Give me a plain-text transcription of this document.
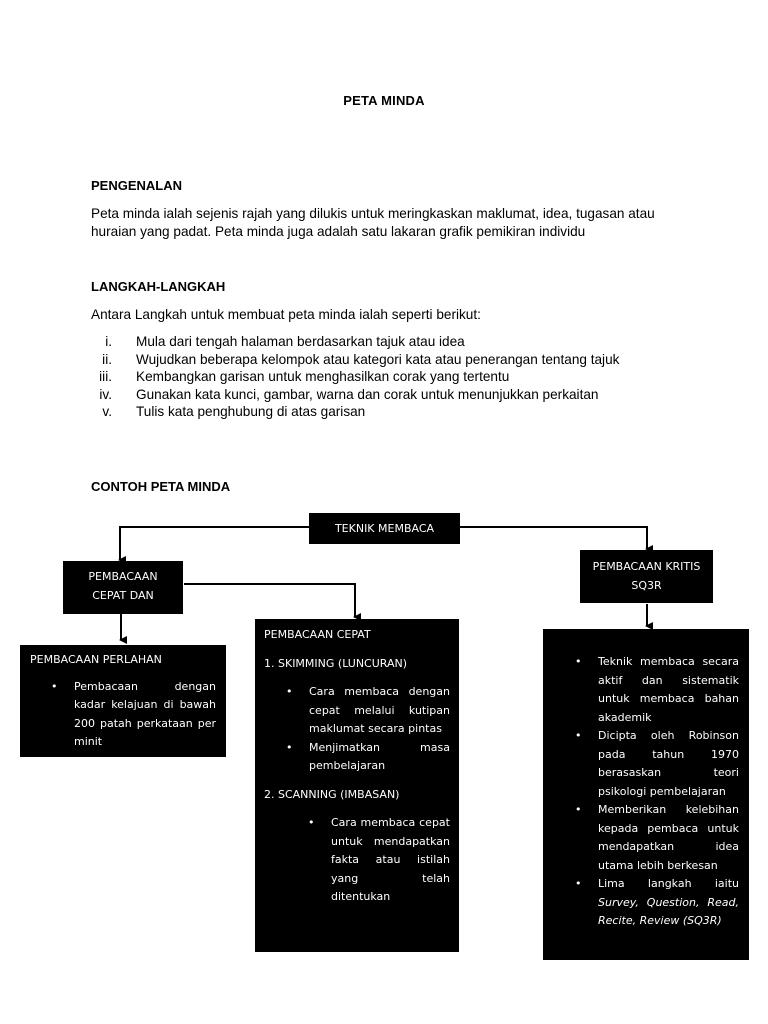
PETA MINDA
PENGENALAN
Peta minda ialah sejenis rajah yang dilukis untuk meringkaskan maklumat, idea, tugasan atau
huraian yang padat. Peta minda juga adalah satu lakaran grafik pemikiran individu
LANGKAH-LANGKAH
Antara Langkah untuk membuat peta minda ialah seperti berikut:
i. Mula dari tengah halaman berdasarkan tajuk atau idea
ii. Wujudkan beberapa kelompok atau kategori kata atau penerangan tentang tajuk
iii. Kembangkan garisan untuk menghasilkan corak yang tertentu
iv. Gunakan kata kunci, gambar, warna dan corak untuk menunjukkan perkaitan
v. Tulis kata penghubung di atas garisan
CONTOH PETA MINDA
TEKNIK MEMBACA
PEMBACAAN
CEPAT DAN
PEMBACAAN KRITIS
SQ3R
PEMBACAAN PERLAHAN
• Pembacaan dengan kadar kelajuan di bawah 200 patah perkataan per minit
PEMBACAAN CEPAT
1. SKIMMING (LUNCURAN)
• Cara membaca dengan cepat melalui kutipan maklumat secara pintas
• Menjimatkan masa pembelajaran
2. SCANNING (IMBASAN)
• Cara membaca cepat untuk mendapatkan fakta atau istilah yang telah ditentukan
• Teknik membaca secara aktif dan sistematik untuk membaca bahan akademik
• Dicipta oleh Robinson pada tahun 1970 berasaskan teori psikologi pembelajaran
• Memberikan kelebihan kepada pembaca untuk mendapatkan idea utama lebih berkesan
• Lima langkah iaitu Survey, Question, Read, Recite, Review (SQ3R)
